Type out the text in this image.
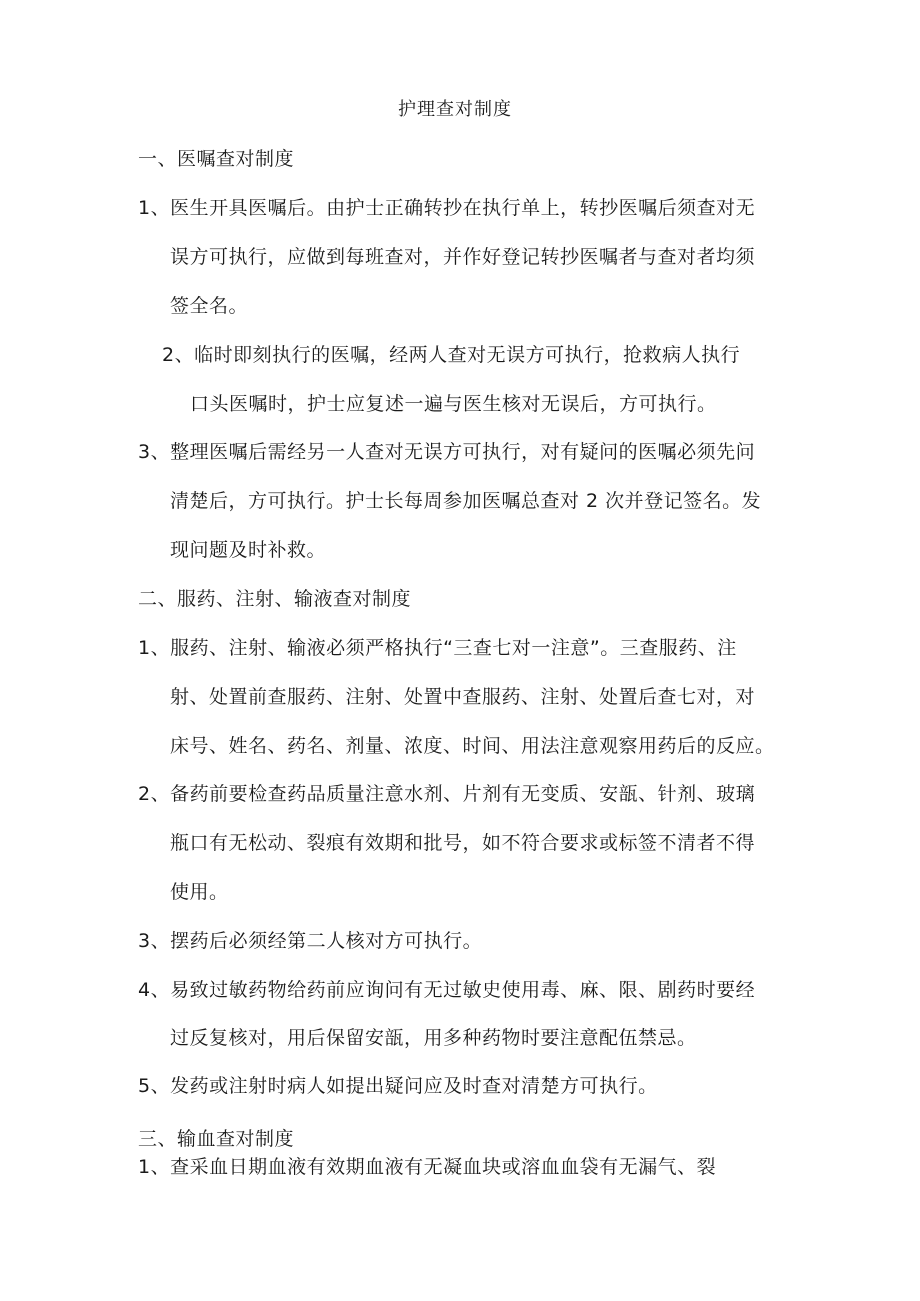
护理查对制度
一、医嘱查对制度
1、医生开具医嘱后。由护士正确转抄在执行单上，转抄医嘱后须查对无
误方可执行，应做到每班查对，并作好登记转抄医嘱者与查对者均须
签全名。
2、临时即刻执行的医嘱，经两人查对无误方可执行，抢救病人执行
口头医嘱时，护士应复述一遍与医生核对无误后，方可执行。
3、整理医嘱后需经另一人查对无误方可执行，对有疑问的医嘱必须先问
清楚后，方可执行。护士长每周参加医嘱总查对 2 次并登记签名。发
现问题及时补救。
二、服药、注射、输液查对制度
1、服药、注射、输液必须严格执行“三查七对一注意”。三查服药、注
射、处置前查服药、注射、处置中查服药、注射、处置后查七对，对
床号、姓名、药名、剂量、浓度、时间、用法注意观察用药后的反应。
2、备药前要检查药品质量注意水剂、片剂有无变质、安瓿、针剂、玻璃
瓶口有无松动、裂痕有效期和批号，如不符合要求或标签不清者不得
使用。
3、摆药后必须经第二人核对方可执行。
4、易致过敏药物给药前应询问有无过敏史使用毒、麻、限、剧药时要经
过反复核对，用后保留安瓿，用多种药物时要注意配伍禁忌。
5、发药或注射时病人如提出疑问应及时查对清楚方可执行。
三、输血查对制度
1、查采血日期血液有效期血液有无凝血块或溶血血袋有无漏气、裂
